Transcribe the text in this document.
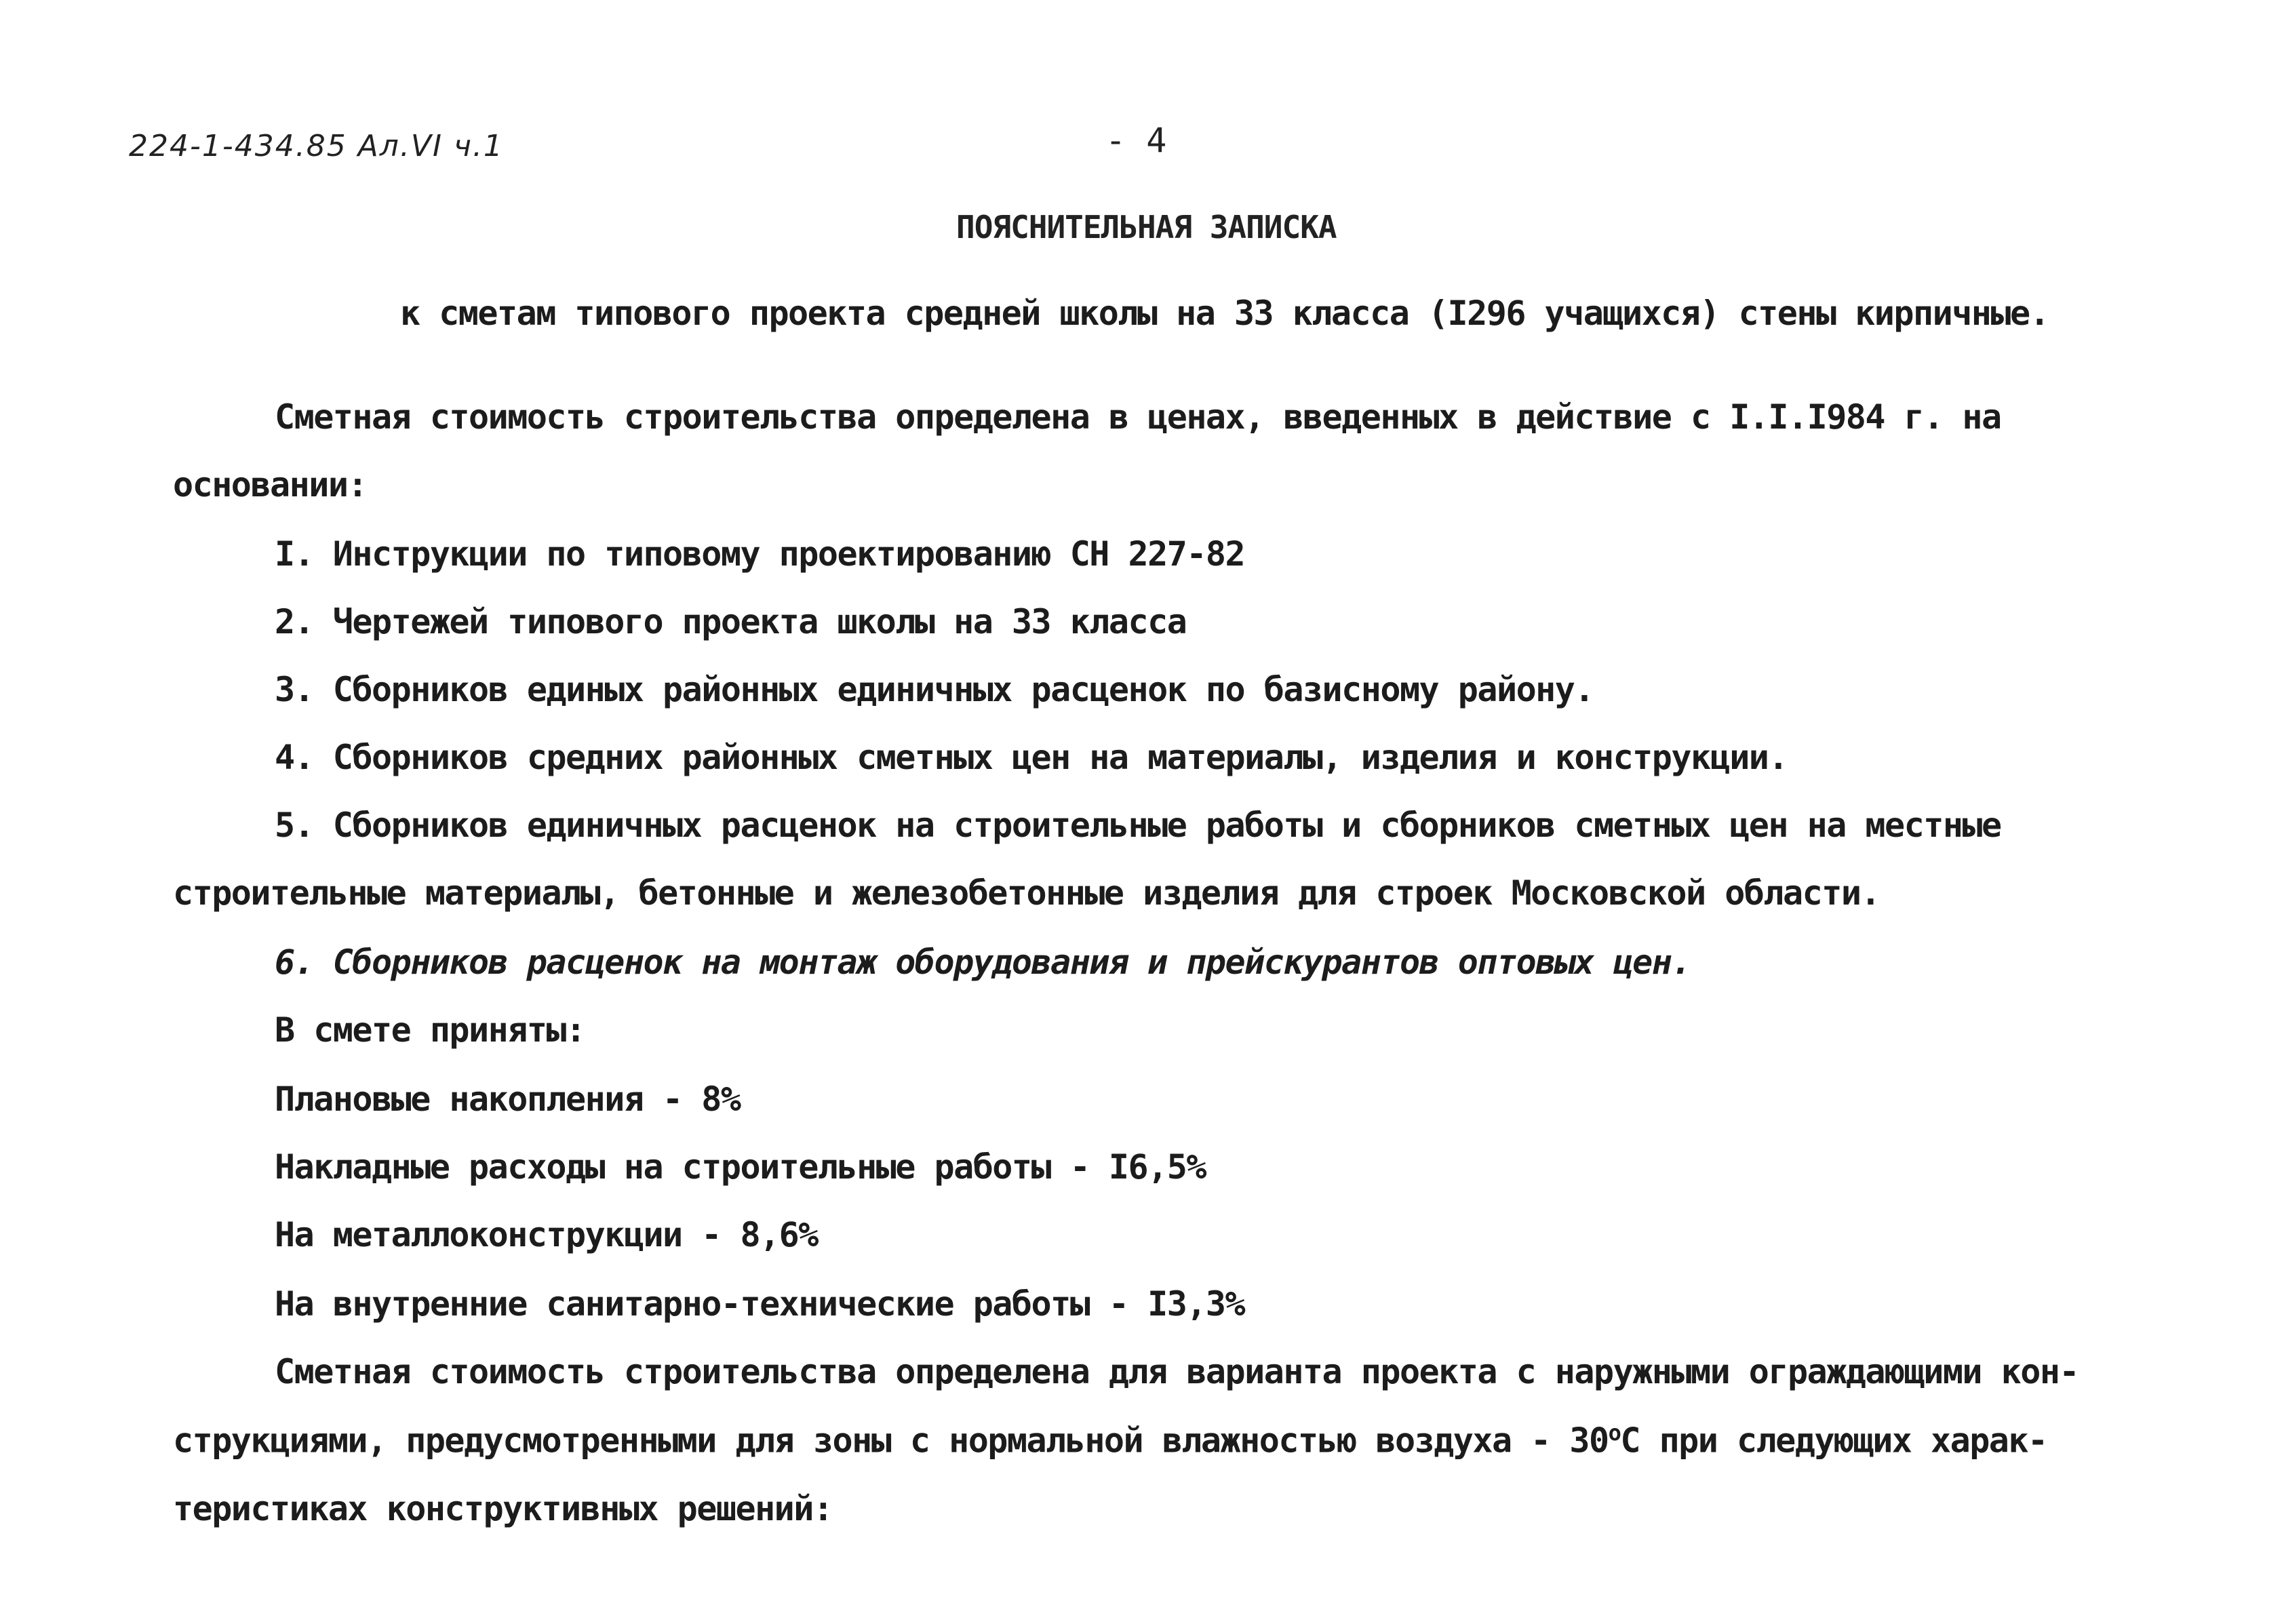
224-1-434.85 Ал.VI ч.1	- 4
ПОЯСНИТЕЛЬНАЯ ЗАПИСКА
к сметам типового проекта средней школы на 33 класса (I296 учащихся) стены кирпичные.
Сметная стоимость строительства определена в ценах, введенных в действие с I.I.I984 г. на
основании:
I. Инструкции по типовому проектированию СН 227-82
2. Чертежей типового проекта школы на 33 класса
3. Сборников единых районных единичных расценок по базисному району.
4. Сборников средних районных сметных цен на материалы, изделия и конструкции.
5. Сборников единичных расценок на строительные работы и сборников сметных цен на местные
строительные материалы, бетонные и железобетонные изделия для строек Московской области.
6. Сборников расценок на монтаж оборудования и прейскурантов оптовых цен.
В смете приняты:
Плановые накопления - 8%
Накладные расходы на строительные работы - I6,5%
На металлоконструкции - 8,6%
На внутренние санитарно-технические работы - I3,3%
Сметная стоимость строительства определена для варианта проекта с наружными ограждающими кон-
струкциями, предусмотренными для зоны с нормальной влажностью воздуха - $30^оС$ при следующих харак-
теристиках конструктивных решений:
